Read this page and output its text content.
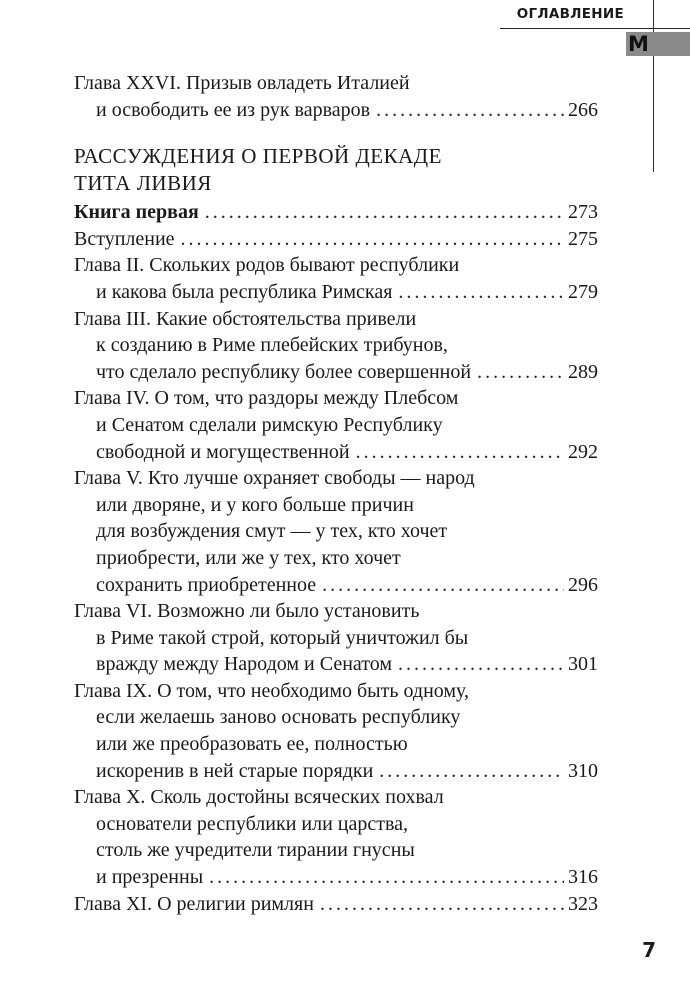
ОГЛАВЛЕНИЕ
М
Глава XXVI. Призыв овладеть Италией
и освободить ее из рук варваров . . .	266
РАССУЖДЕНИЯ О ПЕРВОЙ ДЕКАДЕ
ТИТА ЛИВИЯ
Книга первая . . .	273
Вступление . . .	275
Глава II. Скольких родов бывают республики
и какова была республика Римская . . .	279
Глава III. Какие обстоятельства привели
к созданию в Риме плебейских трибунов,
что сделало республику более совершенной . . .	289
Глава IV. О том, что раздоры между Плебсом
и Сенатом сделали римскую Республику
свободной и могущественной . . .	292
Глава V. Кто лучше охраняет свободы — народ
или дворяне, и у кого больше причин
для возбуждения смут — у тех, кто хочет
приобрести, или же у тех, кто хочет
сохранить приобретенное . . .	296
Глава VI. Возможно ли было установить
в Риме такой строй, который уничтожил бы
вражду между Народом и Сенатом . . .	301
Глава IX. О том, что необходимо быть одному,
если желаешь заново основать республику
или же преобразовать ее, полностью
искоренив в ней старые порядки . . .	310
Глава X. Сколь достойны всяческих похвал
основатели республики или царства,
столь же учредители тирании гнусны
и презренны . . .	316
Глава XI. О религии римлян . . .	323
7
